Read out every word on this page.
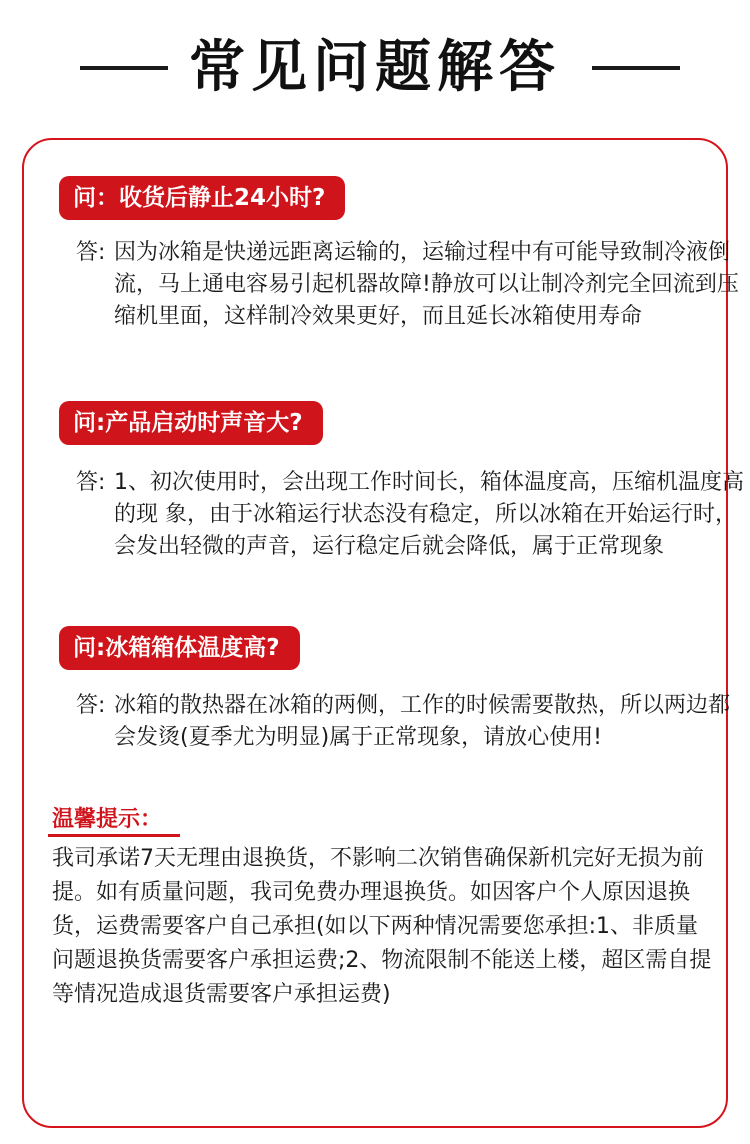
常见问题解答
问：收货后静止24小时?
答: 因为冰箱是快递远距离运输的，运输过程中有可能导致制冷液倒流，马上通电容易引起机器故障!静放可以让制冷剂完全回流到压缩机里面，这样制冷效果更好，而且延长冰箱使用寿命
问:产品启动时声音大?
答: 1、初次使用时，会出现工作时间长，箱体温度高，压缩机温度高的现 象，由于冰箱运行状态没有稳定，所以冰箱在开始运行时，会发出轻微的声音，运行稳定后就会降低，属于正常现象
问:冰箱箱体温度高?
答: 冰箱的散热器在冰箱的两侧，工作的时候需要散热，所以两边都会发烫(夏季尤为明显)属于正常现象，请放心使用!
温馨提示：
我司承诺7天无理由退换货，不影响二次销售确保新机完好无损为前提。如有质量问题，我司免费办理退换货。如因客户个人原因退换货，运费需要客户自己承担(如以下两种情况需要您承担:1、非质量问题退换货需要客户承担运费;2、物流限制不能送上楼，超区需自提等情况造成退货需要客户承担运费)
